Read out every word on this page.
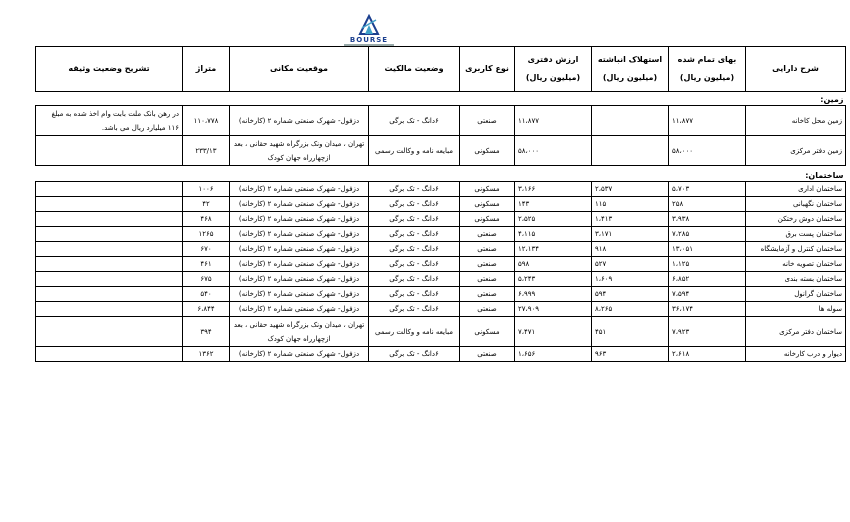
BOURSE
شرح دارایی	بهای تمام شده (میلیون ریال)	استهلاک انباشته (میلیون ریال)	ارزش دفتری (میلیون ریال)	نوع کاربری	وضعیت مالکیت	موقعیت مکانی	متراژ	تشریح وضعیت وثیقه
زمین:								
زمین محل کاخانه	۱۱،۸۷۷		۱۱،۸۷۷	صنعتی	۶دانگ - تک برگی	دزفول- شهرک صنعتی شماره ۲ (کارخانه)	۱۱۰،۷۷۸	در رهن بانک ملت بابت وام اخذ شده به مبلغ ۱۱۶ میلیارد ریال می باشد.
زمین دفتر مرکزی	۵۸،۰۰۰		۵۸،۰۰۰	مسکونی	مبایعه نامه و وکالت رسمی	تهران ، میدان ونک بزرگراه شهید حقانی ، بعد ازچهارراه جهان کودک	۲۳۳/۱۳	

ساختمان:								
ساختمان اداری	۵،۷۰۳	۲،۵۳۷	۳،۱۶۶	مسکونی	۶دانگ - تک برگی	دزفول- شهرک صنعتی شماره ۲ (کارخانه)	۱۰۰۶	
ساختمان نگهبانی	۲۵۸	۱۱۵	۱۴۳	مسکونی	۶دانگ - تک برگی	دزفول- شهرک صنعتی شماره ۲ (کارخانه)	۴۲	
ساختمان دوش رختکن	۳،۹۳۸	۱،۴۱۳	۲،۵۲۵	مسکونی	۶دانگ - تک برگی	دزفول- شهرک صنعتی شماره ۲ (کارخانه)	۴۶۸	
ساختمان پست برق	۷،۲۸۵	۳،۱۷۱	۴،۱۱۵	صنعتی	۶دانگ - تک برگی	دزفول- شهرک صنعتی شماره ۲ (کارخانه)	۱۲۶۵	
ساختمان کنترل و آزمایشگاه	۱۳،۰۵۱	۹۱۸	۱۲،۱۳۴	صنعتی	۶دانگ - تک برگی	دزفول- شهرک صنعتی شماره ۲ (کارخانه)	۶۷۰	
ساختمان تصویه خانه	۱،۱۲۵	۵۲۷	۵۹۸	صنعتی	۶دانگ - تک برگی	دزفول- شهرک صنعتی شماره ۲ (کارخانه)	۴۶۱	
ساختمان بسته بندی	۶،۸۵۲	۱،۶۰۹	۵،۲۴۳	صنعتی	۶دانگ - تک برگی	دزفول- شهرک صنعتی شماره ۲ (کارخانه)	۶۷۵	
ساختمان گرانول	۷،۵۹۴	۵۹۴	۶،۹۹۹	صنعتی	۶دانگ - تک برگی	دزفول- شهرک صنعتی شماره ۲ (کارخانه)	۵۴۰	
سوله ها	۳۶،۱۷۴	۸،۲۶۵	۲۷،۹۰۹	صنعتی	۶دانگ - تک برگی	دزفول- شهرک صنعتی شماره ۲ (کارخانه)	۶،۸۴۴	
ساختمان دفتر مرکزی	۷،۹۲۳	۴۵۱	۷،۴۷۱	مسکونی	مبایعه نامه و وکالت رسمی	تهران ، میدان ونک بزرگراه شهید حقانی ، بعد ازچهارراه جهان کودک	۳۹۴	
دیوار و درب کارخانه	۲،۶۱۸	۹۶۳	۱،۶۵۶	صنعتی	۶دانگ - تک برگی	دزفول- شهرک صنعتی شماره ۲ (کارخانه)	۱۳۶۲	
